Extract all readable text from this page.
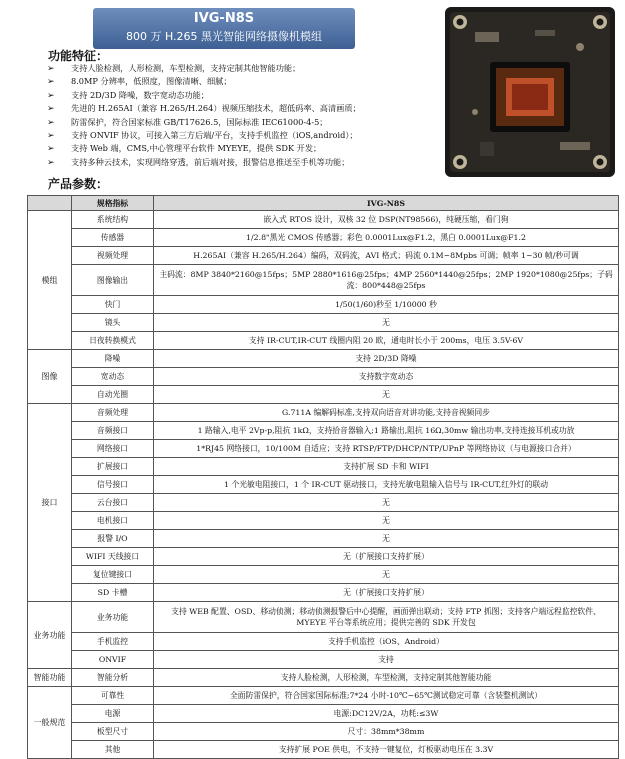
IVG-N8S
800 万 H.265 黑光智能网络摄像机模组
功能特征：
➢ 支持人脸检测，人形检测，车型检测，支持定制其他智能功能；
➢ 8.0MP 分辨率，低照度，图像清晰、细腻；
➢ 支持 2D/3D 降噪，数字宽动态功能；
➢ 先进的 H.265AI（兼容 H.265/H.264）视频压缩技术，超低码率、高清画质；
➢ 防雷保护，符合国家标准 GB/T17626.5，国际标准 IEC61000-4-5；
➢ 支持 ONVIF 协议，可接入第三方后端/平台，支持手机监控（iOS,android）；
➢ 支持 Web 端，CMS,中心管理平台软件 MYEYE，提供 SDK 开发；
➢ 支持多种云技术，实现网络穿透，前后端对接，报警信息推送至手机等功能；
产品参数：
	规格指标	IVG-N8S
模组	系统结构	嵌入式 RTOS 设计，双核 32 位 DSP(NT98566)，纯硬压缩，看门狗
	传感器	1/2.8"黑光 CMOS 传感器；彩色 0.0001Lux@F1.2，黑白 0.0001Lux@F1.2
	视频处理	H.265AI（兼容 H.265/H.264）编码，双码流，AVI 格式；码流 0.1M~8Mpbs 可调；帧率 1~30 帧/秒可调
	图像输出	主码流：8MP 3840*2160@15fps；5MP 2880*1616@25fps；4MP 2560*1440@25fps；2MP 1920*1080@25fps；子码流：800*448@25fps
	快门	1/50(1/60)秒至 1/10000 秒
	镜头	无
	日夜转换模式	支持 IR-CUT,IR-CUT 线圈内阻 20 欧，通电时长小于 200ms，电压 3.5V-6V
图像	降噪	支持 2D/3D 降噪
	宽动态	支持数字宽动态
	自动光圈	无
接口	音频处理	G.711A 编解码标准,支持双向语音对讲功能,支持音视频同步
	音频接口	1 路输入,电平 2Vp-p,阻抗 1kΩ，支持拾音器输入;1 路输出,阻抗 16Ω,30mw 输出功率,支持连接耳机或功放
	网络接口	1*RJ45 网络接口，10/100M 自适应；支持 RTSP/FTP/DHCP/NTP/UPnP 等网络协议（与电源接口合并）
	扩展接口	支持扩展 SD 卡和 WIFI
	信号接口	1 个光敏电阻接口，1 个 IR-CUT 驱动接口，支持光敏电阻输入信号与 IR-CUT,红外灯的联动
	云台接口	无
	电机接口	无
	报警 I/O	无
	WIFI 天线接口	无（扩展接口支持扩展）
	复位键接口	无
	SD 卡槽	无（扩展接口支持扩展）
业务功能	业务功能	支持 WEB 配置、OSD、移动侦测；移动侦测报警后中心提醒，画面弹出联动；支持 FTP 抓图；支持客户端远程监控软件、MYEYE 平台等系统应用；提供完善的 SDK 开发包
	手机监控	支持手机监控（iOS、Android）
	ONVIF	支持
智能功能	智能分析	支持人脸检测，人形检测，车型检测，支持定制其他智能功能
一般规范	可靠性	全面防雷保护，符合国家国际标准;7*24 小时-10℃~65℃测试稳定可靠（含装整机测试）
	电源	电源:DC12V/2A，功耗:≤3W
	板型尺寸	尺寸：38mm*38mm
	其他	支持扩展 POE 供电，不支持一键复位，灯板驱动电压在 3.3V
